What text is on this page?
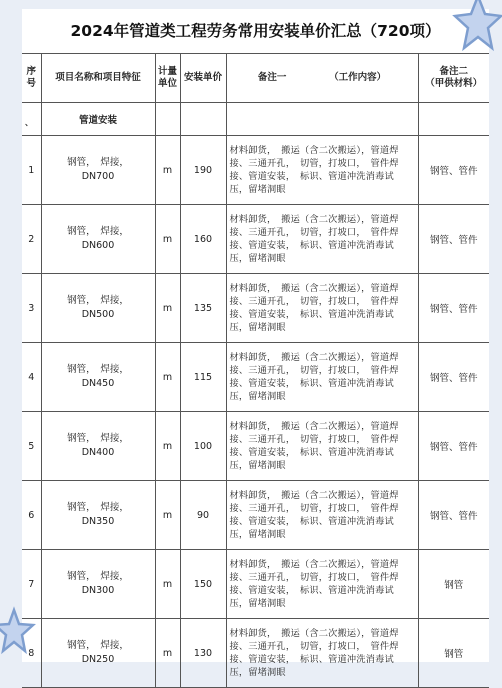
2024年管道类工程劳务常用安装单价汇总（720项）
序
号	项目名称和项目特征	计量
单位	安装单价	备注一 （工作内容）	备注二
（甲供材料）

、	管道安装				
1	钢管，　焊接，
DN700	m	190	材料卸货，　搬运（含二次搬运），管道焊
接、三通开孔，　切管，打坡口，　管件焊
接、管道安装，　标识、管道冲洗消毒试
压，留堵洞眼	钢管、管件
2	钢管，　焊接，
DN600	m	160	材料卸货，　搬运（含二次搬运），管道焊
接、三通开孔，　切管，打坡口，　管件焊
接、管道安装，　标识、管道冲洗消毒试
压，留堵洞眼	钢管、管件
3	钢管，　焊接，
DN500	m	135	材料卸货，　搬运（含二次搬运），管道焊
接、三通开孔，　切管，打坡口，　管件焊
接、管道安装，　标识、管道冲洗消毒试
压，留堵洞眼	钢管、管件
4	钢管，　焊接，
DN450	m	115	材料卸货，　搬运（含二次搬运），管道焊
接、三通开孔，　切管，打坡口，　管件焊
接、管道安装，　标识、管道冲洗消毒试
压，留堵洞眼	钢管、管件
5	钢管，　焊接，
DN400	m	100	材料卸货，　搬运（含二次搬运），管道焊
接、三通开孔，　切管，打坡口，　管件焊
接、管道安装，　标识、管道冲洗消毒试
压，留堵洞眼	钢管、管件
6	钢管，　焊接，
DN350	m	90	材料卸货，　搬运（含二次搬运），管道焊
接、三通开孔，　切管，打坡口，　管件焊
接、管道安装，　标识、管道冲洗消毒试
压，留堵洞眼	钢管、管件
7	钢管，　焊接，
DN300	m	150	材料卸货，　搬运（含二次搬运），管道焊
接、三通开孔，　切管，打坡口，　管件焊
接、管道安装，　标识、管道冲洗消毒试
压，留堵洞眼	钢管
8	钢管，　焊接，
DN250	m	130	材料卸货，　搬运（含二次搬运），管道焊
接、三通开孔，　切管，打坡口，　管件焊
接、管道安装，　标识、管道冲洗消毒试
压，留堵洞眼	钢管
